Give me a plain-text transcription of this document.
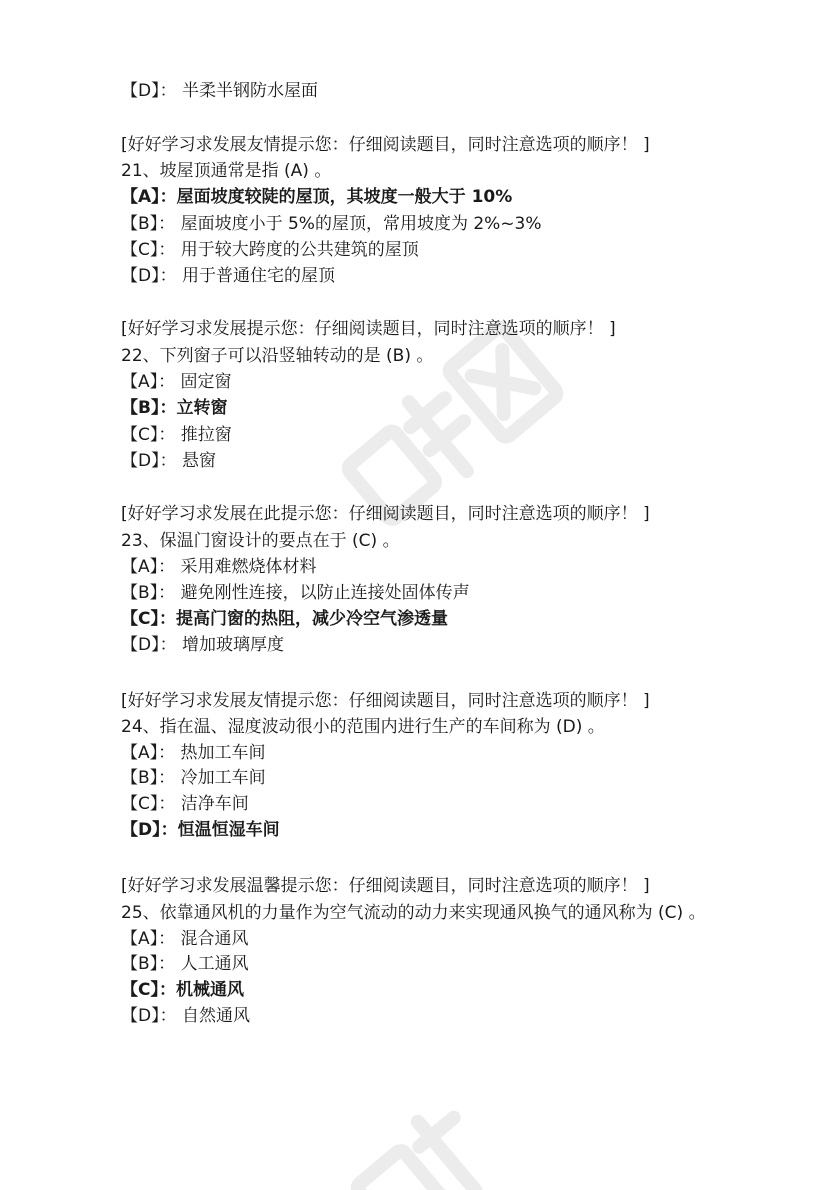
【D】： 半柔半钢防水屋面
[好好学习求发展友情提示您：仔细阅读题目，同时注意选项的顺序！ ]
21、坡屋顶通常是指 (A) 。
【A】：屋面坡度较陡的屋顶，其坡度一般大于 10%
【B】： 屋面坡度小于 5%的屋顶，常用坡度为 2%~3%
【C】： 用于较大跨度的公共建筑的屋顶
【D】： 用于普通住宅的屋顶
[好好学习求发展提示您：仔细阅读题目，同时注意选项的顺序！ ]
22、下列窗子可以沿竖轴转动的是 (B) 。
【A】： 固定窗
【B】：立转窗
【C】： 推拉窗
【D】： 悬窗
[好好学习求发展在此提示您：仔细阅读题目，同时注意选项的顺序！ ]
23、保温门窗设计的要点在于 (C) 。
【A】： 采用难燃烧体材料
【B】： 避免刚性连接，以防止连接处固体传声
【C】：提高门窗的热阻，减少冷空气渗透量
【D】： 增加玻璃厚度
[好好学习求发展友情提示您：仔细阅读题目，同时注意选项的顺序！ ]
24、指在温、湿度波动很小的范围内进行生产的车间称为 (D) 。
【A】： 热加工车间
【B】： 冷加工车间
【C】： 洁净车间
【D】：恒温恒湿车间
[好好学习求发展温馨提示您：仔细阅读题目，同时注意选项的顺序！ ]
25、依靠通风机的力量作为空气流动的动力来实现通风换气的通风称为 (C) 。
【A】： 混合通风
【B】： 人工通风
【C】：机械通风
【D】： 自然通风
